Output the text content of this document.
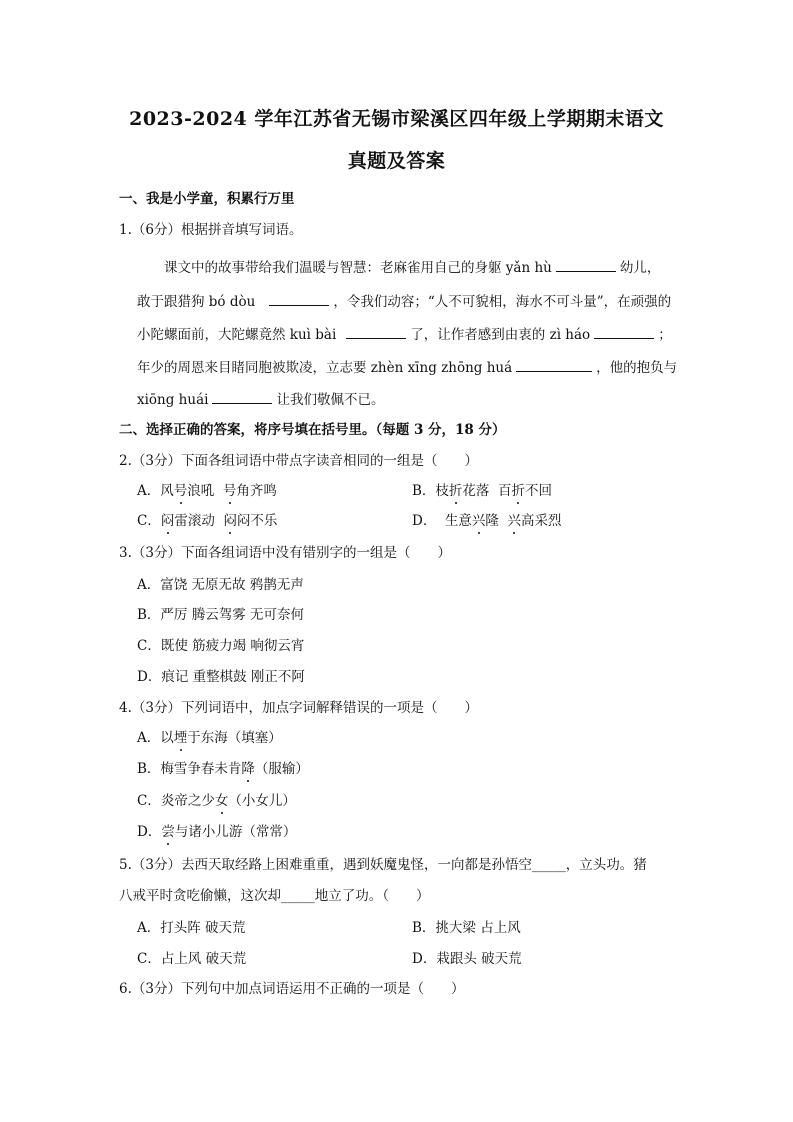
2023-2024 学年江苏省无锡市梁溪区四年级上学期期末语文
真题及答案
一、我是小学童，积累行万里
1.（6分）根据拼音填写词语。
课文中的故事带给我们温暖与智慧：老麻雀用自己的身躯 yǎn hù	幼儿，
敢于跟猎狗 bó dòu	，令我们动容；“人不可貌相，海水不可斗量”，在顽强的
小陀螺面前，大陀螺竟然 kuì bài	了，让作者感到由衷的 zì háo	；
年少的周恩来目睹同胞被欺凌，立志要 zhèn xīng zhōng huá	，他的抱负与
xiōng huái	让我们敬佩不已。
二、选择正确的答案，将序号填在括号里。（每题 3 分，18 分）
2.（3分）下面各组词语中带点字读音相同的一组是（　　）
A．风号浪吼  号角齐鸣	B．枝折花落  百折不回
C．闷雷滚动  闷闷不乐	D．  生意兴隆  兴高采烈
3.（3分）下面各组词语中没有错别字的一组是（　　）
A．富饶 无原无故 鸦鹊无声
B．严厉 腾云驾雾 无可奈何
C．既使 筋疲力竭 响彻云宵
D．痕记 重整棋鼓 刚正不阿
4.（3分）下列词语中，加点字词解释错误的一项是（　　）
A．以堙于东海（填塞）
B．梅雪争春未肯降（服输）
C．炎帝之少女（小女儿）
D．尝与诸小儿游（常常）
5.（3分）去西天取经路上困难重重，遇到妖魔鬼怪，一向都是孙悟空_____，立头功。猪
八戒平时贪吃偷懒，这次却_____地立了功。（　　）
A．打头阵 破天荒	B．挑大梁 占上风
C．占上风 破天荒	D．栽跟头 破天荒
6.（3分）下列句中加点词语运用不正确的一项是（　　）
